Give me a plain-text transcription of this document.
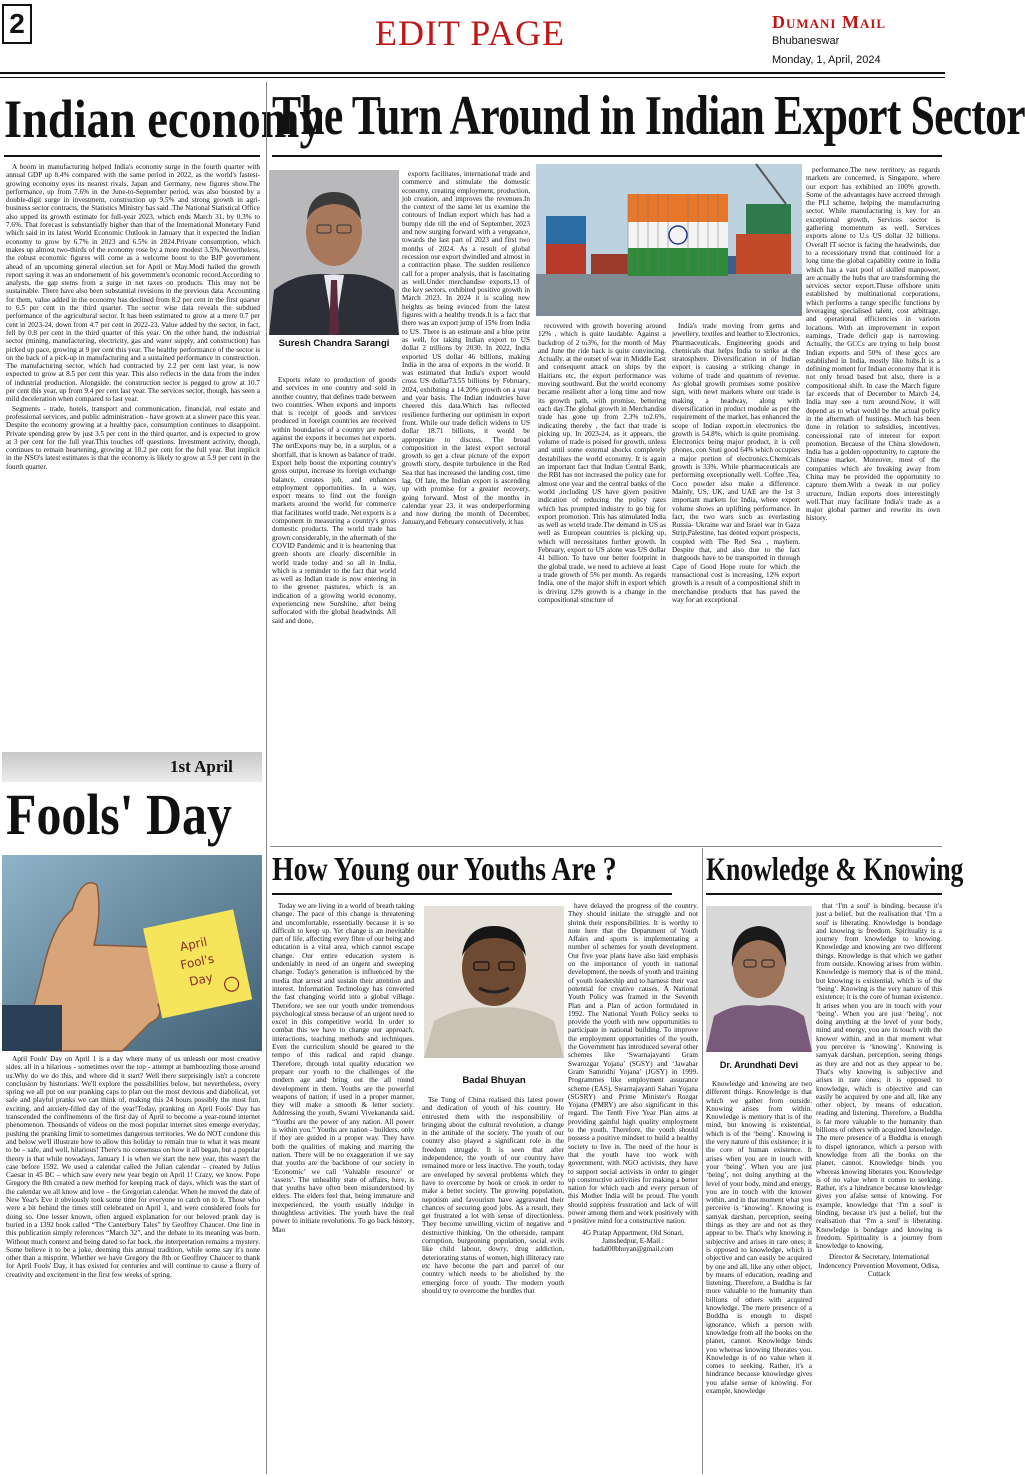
2	EDIT PAGE	Dumani Mail
Bhubaneswar
Monday, 1, April, 2024
Indian economy

A boom in manufacturing helped India's economy surge in the fourth quarter with annual GDP up 8.4% compared with the same period in 2022, as the world's fastest-growing economy eyes its nearest rivals, Japan and Germany, new figures show.The performance, up from 7.6% in the June-to-September period, was also boosted by a double-digit surge in investment, construction up 9.5% and strong growth in agri-business sector contracts, the Statistics Ministry has said .The National Statistical Office also upped its growth estimate for full-year 2023, which ends March 31, by 0.3% to 7.6%. That forecast is substantially higher than that of the International Monetary Fund which said in its latest World Economic Outlook in January that it expected the Indian economy to grow by 6.7% in 2023 and 6.5% in 2024.Private consumption, which makes up almost two-thirds of the economy rose by a more modest 3.5%.Nevertheless, the robust economic figures will come as a welcome boost to the BJP government ahead of an upcoming general election set for April or May.Modi hailed the growth report saying it was an endorsement of his government's economic record.According to analysts, the gap stems from a surge in net taxes on products. This may not be sustainable. There have also been substantial revisions in the previous data. Accounting for them, value added in the economy has declined from 8.2 per cent in the first quarter to 6.5 per cent in the third quarter. The sector wise data reveals the subdued performance of the agricultural sector. It has been estimated to grow at a mere 0.7 per cent in 2023-24, down from 4.7 per cent in 2022-23. Value added by the sector, in fact, fell by 0.8 per cent in the third quarter of this year. On the other hand, the industrial sector (mining, manufacturing, electricity, gas and water supply, and construction) has picked up pace, growing at 9 per cent this year. The healthy performance of the sector is on the back of a pick-up in manufacturing and a sustained performance in construction. The manufacturing sector, which had contracted by 2.2 per cent last year, is now expected to grow at 8.5 per cent this year. This also reflects in the data from the index of industrial production. Alongside, the construction sector is pegged to grow at 10.7 per cent this year, up from 9.4 per cent last year. The services sector, though, has seen a mild deceleration when compared to last year.

Segments - trade, hotels, transport and communication, financial, real estate and professional services, and public administration - have grown at a slower pace this year. Despite the economy growing at a healthy pace, consumption continues to disappoint. Private spending grew by just 3.5 per cent in the third quarter, and is expected to grow at 3 per cent for the full year.This touches off questions. Investment activity, though, continues to remain heartening, growing at 10.2 per cent for the full year. But implicit in the NSO's latest estimates is that the economy is likely to grow at 5.9 per cent in the fourth quarter.

1st April
Fools' Day
April
Fool's
Day

April Fools' Day on April 1 is a day where many of us unleash our most creative sides, all in a hilarious - sometimes over the top - attempt at bamboozling those around us.Why do we do this, and where did it start? Well there surprisingly isn't a concrete conclusion by historians. We'll explore the possibilities below, but nevertheless, every spring we all put on our pranking caps to plan out the most devious and diabolical, yet safe and playful pranks we can think of, making this 24 hours possibly the most fun, exciting, and anxiety-filled day of the year!Today, pranking on April Fools' Day has transcended the confinements of the first day of April to become a year-round internet phenomenon. Thousands of videos on the most popular internet sites emerge everyday, pushing the pranking limit to sometimes dangerous territories. We do NOT condone this and below we'll illustrate how to allow this holiday to remain true to what it was meant to be – safe, and well, hilarious! There's no consensus on how it all began, but a popular theory is that while nowadays, January 1 is when we start the new year, this wasn't the case before 1592. We used a calendar called the Julian calendar – created by Julius Caesar in 45 BC – which saw every new year begin on April 1! Crazy, we know. Pope Gregory the 8th created a new method for keeping track of days, which was the start of the calendar we all know and love – the Gregorian calendar. When he moved the date of New Year's Eve it obviously took some time for everyone to catch on to it. Those who were a bit behind the times still celebrated on April 1, and were considered fools for doing so. One lesser known, often argued explanation for our beloved prank day is buried in a 1392 book called “The Canterbury Tales” by Geoffrey Chaucer. One line in this publication simply references “March 32”, and the debate to its meaning was born. Without much context and being dated so far back, the interpretation remains a mystery. Some believe it to be a joke, deeming this annual tradition, while some say it's none other than a misprint. Whether we have Gregory the 8th or Geoffrey Chaucer to thank for April Fools' Day, it has existed for centuries and will continue to cause a flurry of creativity and excitement in the first few weeks of spring.

The Turn Around in Indian Export Sector
Suresh Chandra Sarangi

Exports relate to production of goods and services in one country and sold in another country, that defines trade between two countries. When exports and imports that is receipt of goods and services produced in foreign countries are received within boundaries of a country are netted against the exports it becomes net exports. The netExports may be, in a surplus, or a shortfall, that is known as balance of trade. Export help boost the exporting country's gross output, increase its foreign exchange balance, creates job, and enhances employment opportunities. In a way, export means to find out the foreign markets around the world for commerce that facilitates world trade. Net exports is a component in measuring a country's gross domestic products. The world trade has grown considerably, in the aftermath of the COVID Pandemic and it is heartening that green shoots are clearly discernible in world trade today and so all in India, which is a reminder to the fact that world as well as Indian trade is now entering in to the greener pastures, which is an indication of a growing world economy, experiencing new Sunshine, after being suffocated with the global headwinds. All said and done,

exports facilitates, international trade and commerce and stimulate the domestic economy, creating employment, production, job creation, and improves the revenues.In the context of the same let us examine the contours of Indian export which has had a bumpy ride till the end of September, 2023 and now surging forward with a vengeance, towards the last part of 2023 and first two months of 2024. As a result of global recession our export dwindled and almost in a contraction phase. The sudden resilience call for a proper analysis, that is fascinating as well.Under merchandise exports,13 of the key sectors, exhibited positive growth in March 2023. In 2024 it is scaling new heights as being evinced from the latest figures with a healthy trends.It is a fact that there was an export jump of 15% from India to US. There is an estimate and a blue print as well, for taking Indian export to US dollar 2 trillions by 2030. In 2022, India exported US dollar 46 billions, making India in the area of exports in the world. It was estimated that India's export would cross US dollar73.55 billions by February, 2024, exhibiting a 14.20% growth on a year and year basis. The Indian industries have cheered this data.Which has reflected resilience furthering our optimism in export front. While our trade deficit widens to US dollar 18.71 billions, it would be appropriate to discuss. The broad composition in the latest export sectoral growth to get a clear picture of the export growth story, despite turbulence in the Red Sea that has increased the landing cost, time lag. Of late, the Indian export is ascending up with promise for a greater recovery, going forward. Most of the months in calendar year 23, it was underperforming and now during the month of December, January,and February consecutively, it has

recovered with growth hovering around 12% , which is quite laudable. Against a backdrop of 2 to3%, for the month of May and June the ride back is quite convincing. Actually, at the outset of war in Middle East and consequent attack on ships by the Haitians etc, the export performance was moving southward. But the world economy became resilient after a long time and now its growth path, with promise, bettering each day.The global growth in Merchandise trade has gone up from 2.3% to2.6%, indicating thereby , the fact that trade is picking up. In 2023-24, as it appears, the volume of trade is poised for growth, unless and until some external shocks completely destabilises the world economy. It is again an important fact that Indian Central Bank, the RBI has not increased the policy rate for almost one year and the central banks of the world ,including US have given positive indication of reducing the policy rates which has prompted industry to go big for export promotion. This has stimulated India as well as world trade.The demand in US as well as European countries is picking up, which will necessitates further growth. In February, export to US alone was US dollar 41 billion. To have our better footprint in the global trade, we need to achieve at least a trade growth of 5% per month. As regards India, one of the major shift in export which is driving 12% growth is a change in the compositional structure of

India's trade moving from gems and jewellery, textiles and leather to Electronics, Pharmaceuticals, Engineering goods and chemicals that helps India to strike at the stratosphere. Diversification in of Indian export is causing a striking change in volume of trade and quantum of revenue. As global growth promises some positive sign, with newt markets where our trade is making a headway, along with diversification in product module as per the requirement of the market, has enhanced the scope of Indian export.in electronics the growth is 54.8%, which is quite promising. Electronics being major product, it is cell phones, con Stuti good 64% which occupies a major portion of electronics.Chemicals growth is 33%. While pharmaceuticals are performing exceptionally well. Coffee ,Tea, Coco powder also make a difference. Mainly, US, UK, and UAE are the 1st 3 important markets for India, where export volume shows an uplifting performance. In fact, the two wars such as everlasting Russia- Ukraine war and Israel war in Gaza Strip,Palestine, has dented export prospects, coupled with The Red Sea , mayhem. Despite that, and also due to the fact thatgoods have to be transported in through Cape of Good Hope route for which the transactional cost is increasing, 12% export growth is a result of a compositional shift in merchandise products that has paved the way for an exceptional

performance.The new territory, as regards markets are concerned, is Singapore, where our export has exhibited an 100% growth. Some of the advantages have accrued through the PLI scheme, helping the manufacturing sector. While manufacturing is key for an exceptional growth, Services sector is gathering momentum as well. Services exports alone to U.s US dollar 32 billions. Overall IT sector is facing the headwinds, due to a recessionary trend that continued for a long time the global capability centre in India which has a vast pool of skilled manpower, are actually the hubs that are transforming the services sector export.These offshore units established by multinational corporations, which performs a range specific functions by leveraging specialised talent, cost arbitrage, and operational efficiencies in various locations. With an improvement in export earnings, Trade deficit gap is narrowing. Actually, the GCCs are trying to help boost Indian exports and 50% of these gccs are established in India, mostly like hubs.It is a defining moment for Indian economy that it is not only broad based but also, there is a compositional shift. In case the March figure far exceeds that of December to March 24, India may see a turn around.Now, it will depend as to what would be the actual policy in the aftermath of hustings. Much has been done in relation to subsidies, incentives, concessional rate of interest for export promotion. Because of the China slowdown, India has a golden opportunity, to capture the Chinese market. Moreover, most of the companies which are breaking away from China may be provided the opportunity to capture them.With a tweak in our policy structure, Indian exports does interestingly well.That may facilitate India's trade as a major global partner and rewrite its own history.

How Young our Youths Are ?

Today we are living in a world of breath taking change. The pace of this change is threatening and uncomfortable, essentially because it is so difficult to keep up. Yet change is an inevitable part of life, affecting every fibre of our being and education is a vital area, which cannot escape change. Our entire education system is undeniably in need of an urgent and sweeping change. Today's generation is influenced by the media that arrest and sustain their attention and interest. Information Technology has converted the fast changing world into a global village. Therefore, we see our youth under tremendous psychological stress because of an urgent need to excel in this competitive world. In order to combat this we have to change our approach, interactions, teaching methods and techniques. Even the curriculum should be geared to the tempo of this radical and rapid change. Therefore, through total quality education we prepare our youth to the challenges of the modern age and bring out the all round development in them. Youths are the powerful weapons of nation; if used in a proper manner, they will make a smooth & letter society. Addressing the youth, Swami Vivekananda said, “Youths are the power of any nation. All power is within you.” Youths are nation - builders, only if they are guided in a proper way. They have both the qualities of making and marring the nation. There will be no exaggeration if we say that youths are the backbone of our society in ‘Economic’ we call ‘Valuable resource’ or ‘assets’. The unhealthy state of affairs, here, is that youths have often been misunderstood by elders. The elders feel that, being immature and inexperienced, the youth usually indulge in thoughtless activities. The youth have the real power to initiate revolutions. To go back history, Mao

Badal Bhuyan

Tse Tung of China realised this latest power and dedication of youth of his country. He entrusted them with the responsibility of bringing about the cultural revolution, a change in the attitude of the society. The youth of our country also played a significant role in the freedom struggle. It is seen that after independence, the youth of our country have remained more or less inactive. The youth, today are enveloped by several problems which they have to overcome by hook or crook in order to make a better society. The growing population, nepotism and favourism have aggravated their chances of securing good jobs. As a result, they get frustrated a lot with sense of directionless. They become unwilling victim of negative and destructive thinking. On the otherside, rampant corruption, burgeoning population, social evils like child labour, dowry, drug addiction, deteriorating status of women, high illiteracy rate etc have become the part and parcel of our country which needs to be abolished by the emerging force of youth. The modern youth should try to overcome the hurdles that

have delayed the progress of the country. They should initiate the struggle and not shrink their responsibilities. It is worthy to note here that the Department of Youth Affairs and sports is implementating a number of schemes for youth development. Our five year plans have also laid emphasis on the importance of youth in national development, the needs of youth and training of youth leadership and to harness their vast potential for creative causes. A National Youth Policy was framed in the Seventh Plan and a Plan of action formulated in 1992. The National Youth Policy seeks to provide the youth with new opportunities to participate in national building. To improve the employment opportunities of the youth, the Government has introduced several other schemes like ‘Swarnajayanti Gram Swarozgar Yojana’ (SGSY) and ‘Jawahar Gram Samridhi Yojana’ (JGSY) in 1999. Programmes like employment assurance scheme (EAS), Swarnajayanti Sahari Yojana (SGSRY) and Prime Minister's Rozgar Yojana (PMRY) are also significant in this regard. The Tenth Five Year Plan aims at providing gainful high quality employment to the youth. Therefore, the youth should possess a positive mindset to build a healthy society to live in. The need of the hour is that the youth have too work with government, with NGO activists, they have to support social activists in order to ginger up constructive activities for making a better nation for which each and every person of this Mother India will be proud. The youth should suppress frustration and lack of will power among them and work positively with a positive mind for a constructive nation.

4G Pratap Appartment, Old Sonari, Jamshedpur, E-Mail : badal00bhuyan@gmail.com

Knowledge & Knowing
Dr. Arundhati Devi

Knowledge and knowing are two different things. Knowledge is that which we gather from outside. Knowing arises from within. Knowledge is memory that is of the mind, but knowing is existential, which is of the ‘being’. Knowing is the very nature of this existence; it is the core of human existence. It arises when you are in touch with your ‘being’. When you are just ‘being’, not doing anything at the level of your body, mind and energy, you are in touch with the knower within, and in that moment what you perceive is ‘knowing’. Knowing is samyak darshan, perception, seeing things as they are and not as they appear to be. That's why knowing is subjective and arises in rare ones; it is opposed to knowledge, which is objective and can easily be acquired by one and all, like any other object, by means of education, reading and listening. Therefore, a Buddha is far more valuable to the humanity than billions of others with acquired knowledge. The mere presence of a Buddha is enough to dispel ignorance, which a person with knowledge from all the books on the planet, cannot. Knowledge binds you whereas knowing liberates you. Knowledge is of no value when it comes to seeking. Rather, it's a hindrance because knowledge gives you afalse sense of knowing. For example, knowledge

that ‘I'm a soul' is binding, because it's just a belief, but the realisation that ‘I'm a soul' is liberating. Knowledge is bondage and knowing is freedom. Spirituality is a journey from knowledge to knowing. Knowledge and knowing are two different things. Knowledge is that which we gather from outside. Knowing arises from within. Knowledge is memory that is of the mind, but knowing is existential, which is of the ‘being’. Knowing is the very nature of this existence; it is the core of human existence. It arises when you are in touch with your ‘being’. When you are just ‘being’, not doing anything at the level of your body, mind and energy, you are in touch with the knower within, and in that moment what you perceive is ‘knowing’. Knowing is samyak darshan, perception, seeing things as they are and not as they appear to be. That's why knowing is subjective and arises in rare ones; it is opposed to knowledge, which is objective and can easily be acquired by one and all, like any other object, by means of education, reading and listening. Therefore, a Buddha is far more valuable to the humanity than billions of others with acquired knowledge. The mere presence of a Buddha is enough to dispel ignorance, which a person with knowledge from all the books on the planet, cannot. Knowledge binds you whereas knowing liberates you. Knowledge is of no value when it comes to seeking. Rather, it's a hindrance because knowledge gives you afalse sense of knowing. For example, knowledge that ‘I'm a soul' is binding, because it's just a belief, but the realisation that ‘I'm a soul' is liberating. Knowledge is bondage and knowing is freedom. Spirituality is a journey from knowledge to knowing.

Director & Secretary, International Indencency Prevention Movement, Odisa, Cuttack
